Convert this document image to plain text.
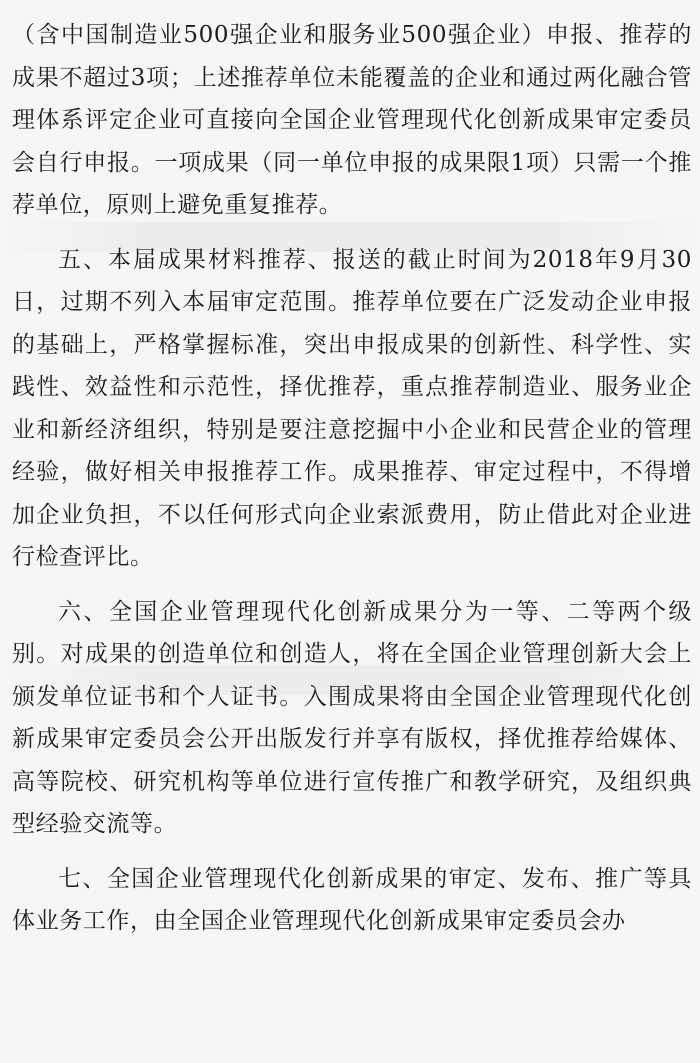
（含中国制造业500强企业和服务业500强企业）申报、推荐的成果不超过3项；上述推荐单位未能覆盖的企业和通过两化融合管理体系评定企业可直接向全国企业管理现代化创新成果审定委员会自行申报。一项成果（同一单位申报的成果限1项）只需一个推荐单位，原则上避免重复推荐。

五、本届成果材料推荐、报送的截止时间为2018年9月30日，过期不列入本届审定范围。推荐单位要在广泛发动企业申报的基础上，严格掌握标准，突出申报成果的创新性、科学性、实践性、效益性和示范性，择优推荐，重点推荐制造业、服务业企业和新经济组织，特别是要注意挖掘中小企业和民营企业的管理经验，做好相关申报推荐工作。成果推荐、审定过程中，不得增加企业负担，不以任何形式向企业索派费用，防止借此对企业进行检查评比。

六、全国企业管理现代化创新成果分为一等、二等两个级别。对成果的创造单位和创造人，将在全国企业管理创新大会上颁发单位证书和个人证书。入围成果将由全国企业管理现代化创新成果审定委员会公开出版发行并享有版权，择优推荐给媒体、高等院校、研究机构等单位进行宣传推广和教学研究，及组织典型经验交流等。

七、全国企业管理现代化创新成果的审定、发布、推广等具体业务工作，由全国企业管理现代化创新成果审定委员会办
